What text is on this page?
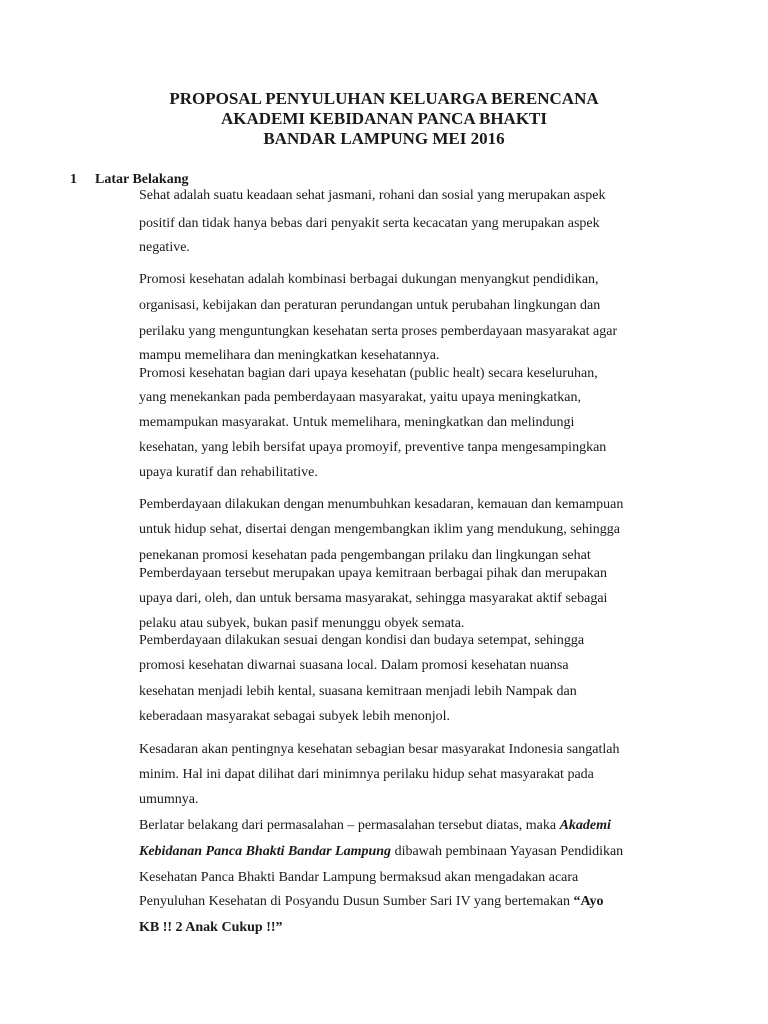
PROPOSAL PENYULUHAN KELUARGA BERENCANA
AKADEMI KEBIDANAN PANCA BHAKTI
BANDAR LAMPUNG MEI 2016
1 Latar Belakang
Sehat adalah suatu keadaan sehat jasmani, rohani dan sosial yang merupakan aspek
positif dan tidak hanya bebas dari penyakit serta kecacatan yang merupakan aspek
negative.
Promosi kesehatan adalah kombinasi berbagai dukungan menyangkut pendidikan,
organisasi, kebijakan dan peraturan perundangan untuk perubahan lingkungan dan
perilaku yang menguntungkan kesehatan serta proses pemberdayaan masyarakat agar
mampu memelihara dan meningkatkan kesehatannya.
Promosi kesehatan bagian dari upaya kesehatan (public healt) secara keseluruhan,
yang menekankan pada pemberdayaan masyarakat, yaitu upaya meningkatkan,
memampukan masyarakat. Untuk memelihara, meningkatkan dan melindungi
kesehatan, yang lebih bersifat upaya promoyif, preventive tanpa mengesampingkan
upaya kuratif dan rehabilitative.
Pemberdayaan dilakukan dengan menumbuhkan kesadaran, kemauan dan kemampuan
untuk hidup sehat, disertai dengan mengembangkan iklim yang mendukung, sehingga
penekanan promosi kesehatan pada pengembangan prilaku dan lingkungan sehat
Pemberdayaan tersebut merupakan upaya kemitraan berbagai pihak dan merupakan
upaya dari, oleh, dan untuk bersama masyarakat, sehingga masyarakat aktif sebagai
pelaku atau subyek, bukan pasif menunggu obyek semata.
Pemberdayaan dilakukan sesuai dengan kondisi dan budaya setempat, sehingga
promosi kesehatan diwarnai suasana local. Dalam promosi kesehatan nuansa
kesehatan menjadi lebih kental, suasana kemitraan menjadi lebih Nampak dan
keberadaan masyarakat sebagai subyek lebih menonjol.
Kesadaran akan pentingnya kesehatan sebagian besar masyarakat Indonesia sangatlah
minim. Hal ini dapat dilihat dari minimnya perilaku hidup sehat masyarakat pada
umumnya.
Berlatar belakang dari permasalahan – permasalahan tersebut diatas, maka Akademi
Kebidanan Panca Bhakti Bandar Lampung dibawah pembinaan Yayasan Pendidikan
Kesehatan Panca Bhakti Bandar Lampung bermaksud akan mengadakan acara
Penyuluhan Kesehatan di Posyandu Dusun Sumber Sari IV yang bertemakan “Ayo
KB !! 2 Anak Cukup !!”
